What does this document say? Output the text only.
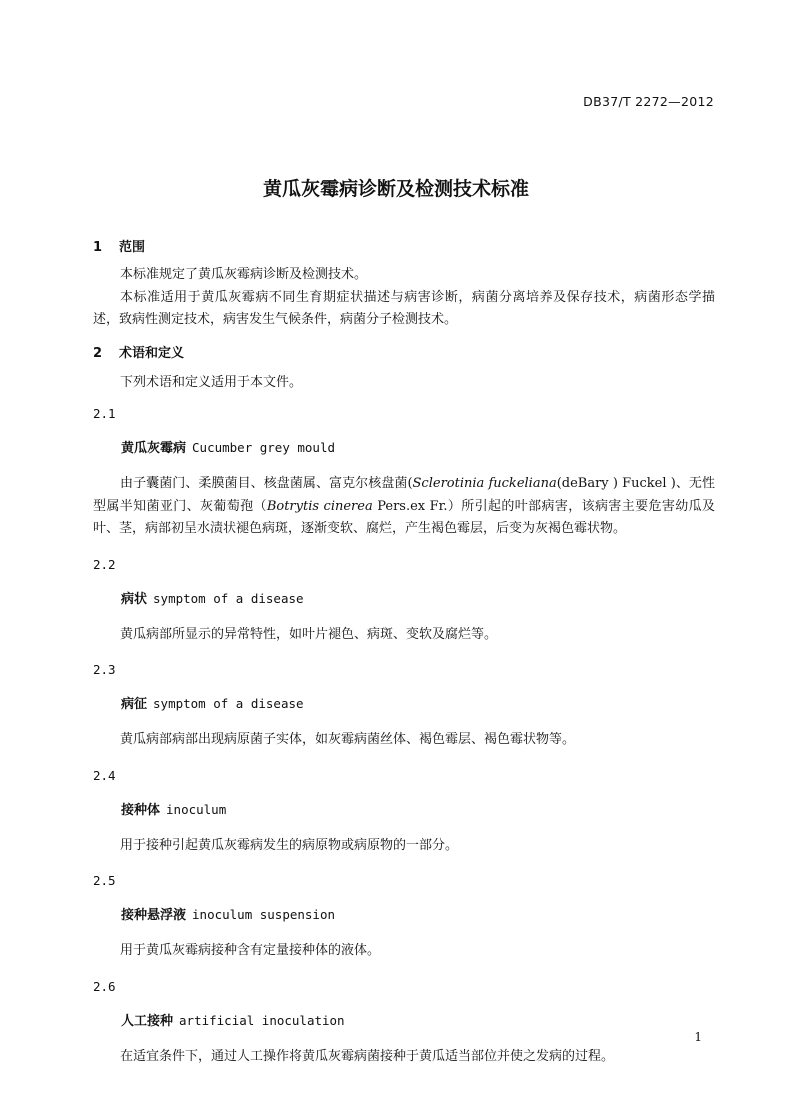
DB37/T 2272—2012
黄瓜灰霉病诊断及检测技术标准
1 范围

本标准规定了黄瓜灰霉病诊断及检测技术。

本标准适用于黄瓜灰霉病不同生育期症状描述与病害诊断，病菌分离培养及保存技术，病菌形态学描述，致病性测定技术，病害发生气候条件，病菌分子检测技术。

2 术语和定义

下列术语和定义适用于本文件。

2.1
黄瓜灰霉病 Cucumber grey mould

由子囊菌门、柔膜菌目、核盘菌属、富克尔核盘菌(Sclerotinia fuckeliana(deBary ) Fuckel )、无性型属半知菌亚门、灰葡萄孢（Botrytis cinerea Pers.ex Fr.）所引起的叶部病害，该病害主要危害幼瓜及叶、茎，病部初呈水渍状褪色病斑，逐渐变软、腐烂，产生褐色霉层，后变为灰褐色霉状物。

2.2
病状 symptom of a disease

黄瓜病部所显示的异常特性，如叶片褪色、病斑、变软及腐烂等。

2.3
病征 symptom of a disease

黄瓜病部病部出现病原菌子实体，如灰霉病菌丝体、褐色霉层、褐色霉状物等。

2.4
接种体 inoculum

用于接种引起黄瓜灰霉病发生的病原物或病原物的一部分。

2.5
接种悬浮液 inoculum suspension

用于黄瓜灰霉病接种含有定量接种体的液体。

2.6
人工接种 artificial inoculation

在适宜条件下，通过人工操作将黄瓜灰霉病菌接种于黄瓜适当部位并使之发病的过程。

1
